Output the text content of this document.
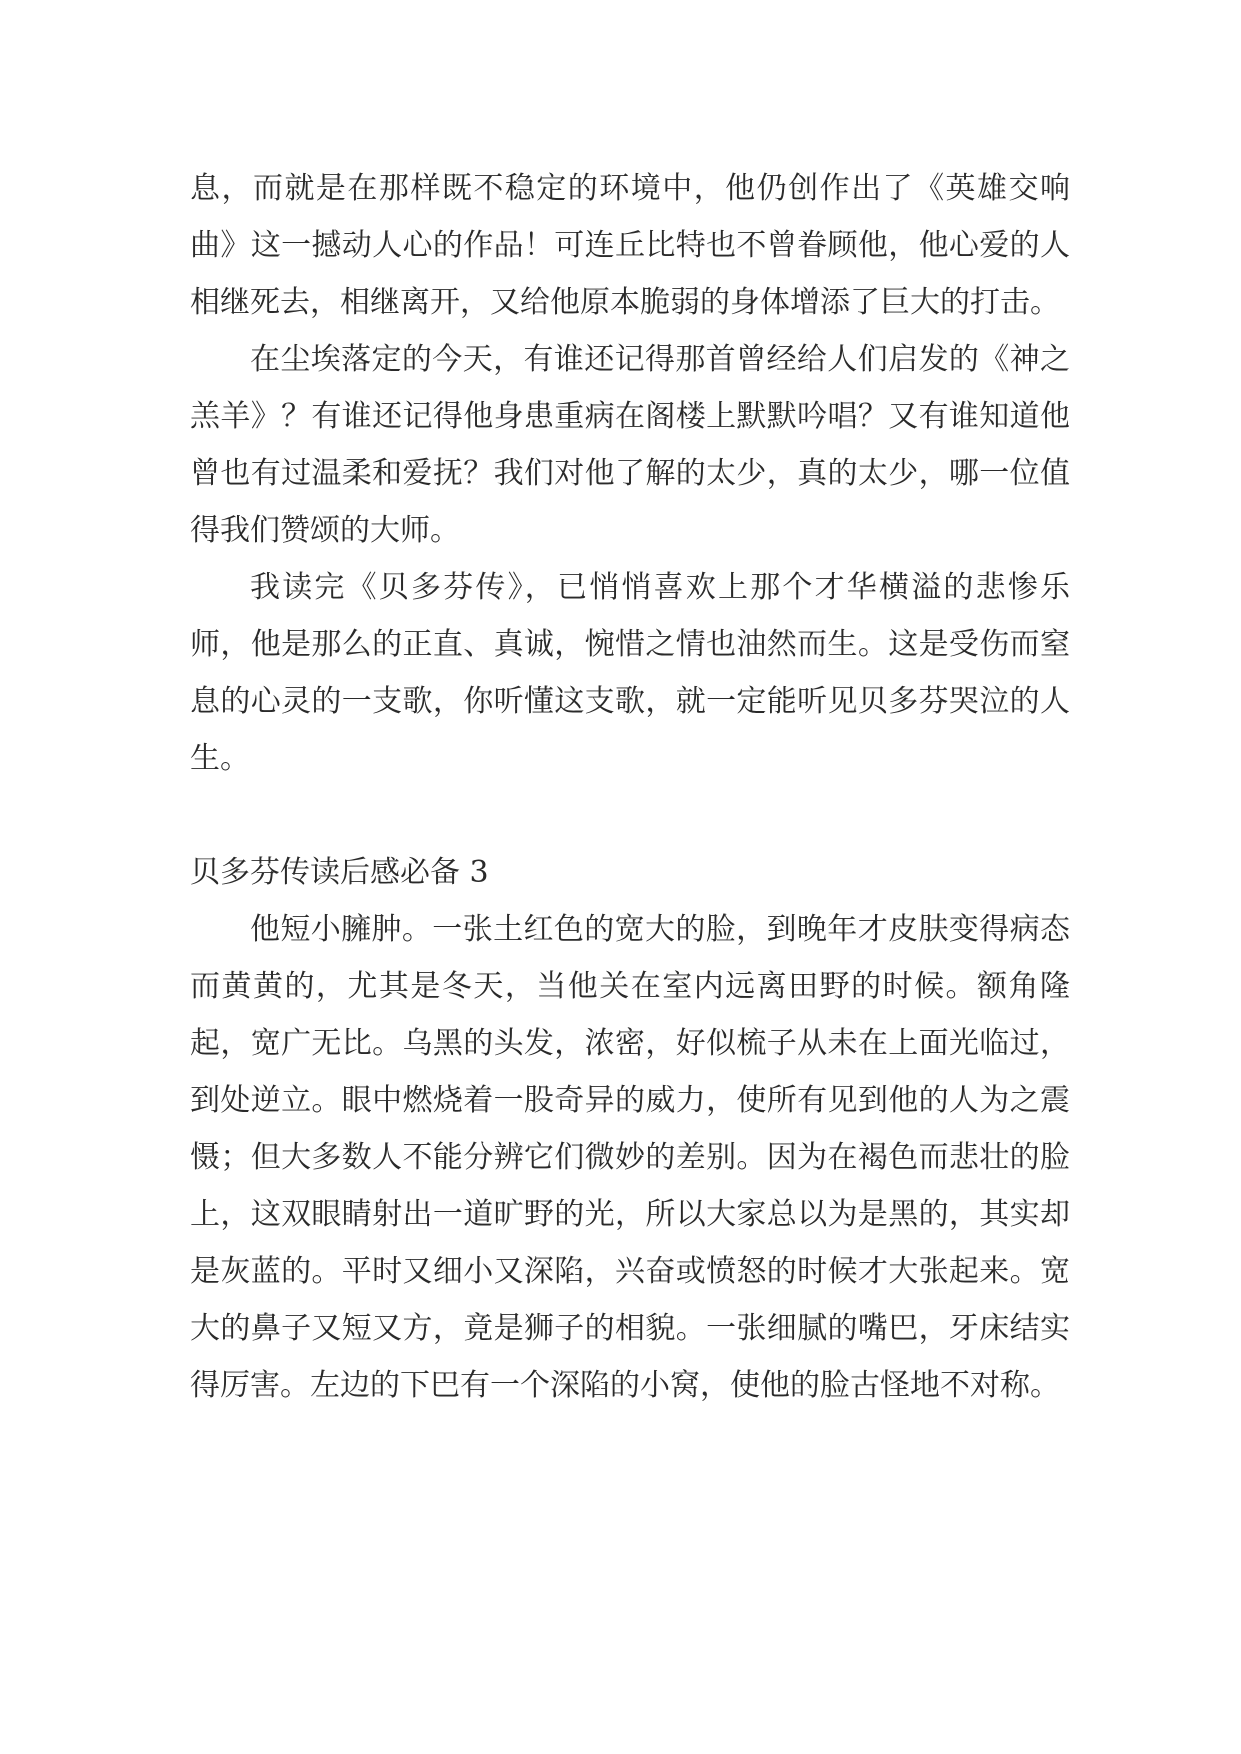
息，而就是在那样既不稳定的环境中，他仍创作出了《英雄交响曲》这一撼动人心的作品！可连丘比特也不曾眷顾他，他心爱的人相继死去，相继离开，又给他原本脆弱的身体增添了巨大的打击。

在尘埃落定的今天，有谁还记得那首曾经给人们启发的《神之羔羊》？有谁还记得他身患重病在阁楼上默默吟唱？又有谁知道他曾也有过温柔和爱抚？我们对他了解的太少，真的太少，哪一位值得我们赞颂的大师。

我读完《贝多芬传》，已悄悄喜欢上那个才华横溢的悲惨乐师，他是那么的正直、真诚，惋惜之情也油然而生。这是受伤而窒息的心灵的一支歌，你听懂这支歌，就一定能听见贝多芬哭泣的人生。

贝多芬传读后感必备 3

他短小臃肿。一张土红色的宽大的脸，到晚年才皮肤变得病态而黄黄的，尤其是冬天，当他关在室内远离田野的时候。额角隆起，宽广无比。乌黑的头发，浓密，好似梳子从未在上面光临过，到处逆立。眼中燃烧着一股奇异的威力，使所有见到他的人为之震慑；但大多数人不能分辨它们微妙的差别。因为在褐色而悲壮的脸上，这双眼睛射出一道旷野的光，所以大家总以为是黑的，其实却是灰蓝的。平时又细小又深陷，兴奋或愤怒的时候才大张起来。宽大的鼻子又短又方，竟是狮子的相貌。一张细腻的嘴巴，牙床结实得厉害。左边的下巴有一个深陷的小窝，使他的脸古怪地不对称。
